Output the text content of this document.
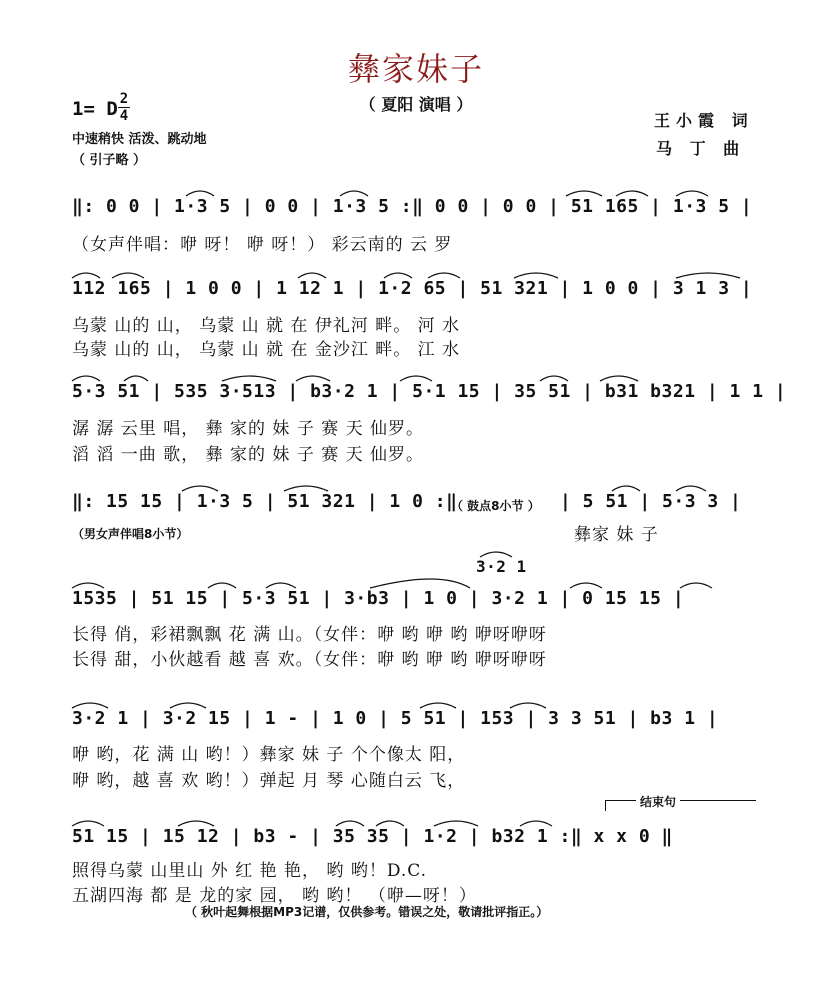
彝家妹子
（ 夏阳 演唱 ）
1= D 2
4
中速稍快 活泼、跳动地
（ 引子略 ）
王小霞 词
马 丁 曲
‖: 0 0 | 1·3 5 | 0 0 | 1·3 5 :‖ 0 0 | 0 0 | 51 165 | 1·3 5 |
（女声伴唱：咿 呀！ 咿 呀！） 彩云南的 云 罗
112 165 | 1 0 0 | 1 12 1 | 1·2 65 | 51 321 | 1 0 0 | 3 1 3 |
乌蒙 山的 山， 乌蒙 山 就 在 伊礼河 畔。 河 水
乌蒙 山的 山， 乌蒙 山 就 在 金沙江 畔。 江 水
5·3 51 | 535 3·513 | b3·2 1 | 5·1 15 | 35 51 | b31 b321 | 1 1 |
潺 潺 云里 唱， 彝 家的 妹 子 赛 天 仙罗。
滔 滔 一曲 歌， 彝 家的 妹 子 赛 天 仙罗。
‖: 15 15 | 1·3 5 | 51 321 | 1 0 :‖
（ 鼓点8小节 ） | 5 51 | 5·3 3 |
（男女声伴唱8小节）	彝家 妹 子
3·2 1
1535 | 51 15 | 5·3 51 | 3·b3 | 1 0 | 3·2 1 | 0 15 15 |
长得 俏，彩裙飘飘 花 满 山。（女伴：咿 哟 咿 哟 咿呀咿呀
长得 甜，小伙越看 越 喜 欢。（女伴：咿 哟 咿 哟 咿呀咿呀
3·2 1 | 3·2 15 | 1 - | 1 0 | 5 51 | 153 | 3 3 51 | b3 1 |
咿 哟，花 满 山 哟！）彝家 妹 子 个个像太 阳，
咿 哟，越 喜 欢 哟！）弹起 月 琴 心随白云 飞，
结束句
51 15 | 15 12 | b3 - | 35 35 | 1·2 | b32 1 :‖ x x 0 ‖
照得乌蒙 山里山 外 红 艳 艳， 哟 哟！D.C.
五湖四海 都 是 龙的家 园， 哟 哟！ （咿—呀！）
（ 秋叶起舞根据MP3记谱，仅供参考。错误之处，敬请批评指正。）
